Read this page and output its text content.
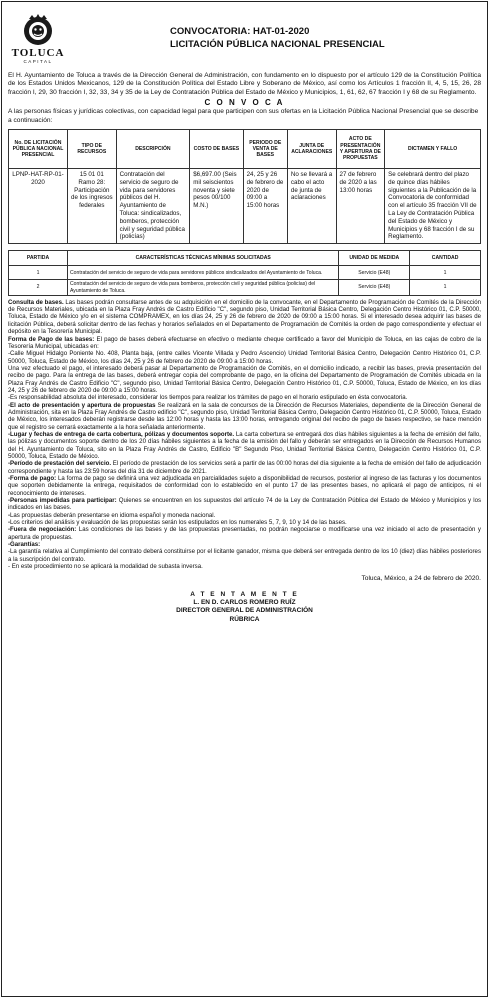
TOLUCA
CAPITAL
CONVOCATORIA: HAT-01-2020
LICITACIÓN PÚBLICA NACIONAL PRESENCIAL

El H. Ayuntamiento de Toluca a través de la Dirección General de Administración, con fundamento en lo dispuesto por el artículo 129 de la Constitución Política de los Estados Unidos Mexicanos, 129 de la Constitución Política del Estado Libre y Soberano de México, así como los Artículos 1 fracción II, 4, 5, 15, 26, 28 fracción I, 29, 30 fracción I, 32, 33, 34 y 35 de la Ley de Contratación Pública del Estado de México y Municipios, 1, 61, 62, 67 fracción I y 68 de su Reglamento.

C O N V O C A

A las personas físicas y jurídicas colectivas, con capacidad legal para que participen con sus ofertas en la Licitación Pública Nacional Presencial que se describe a continuación:

No. DE LICITACIÓN PÚBLICA NACIONAL PRESENCIAL	TIPO DE RECURSOS	DESCRIPCIÓN	COSTO DE BASES	PERIODO DE VENTA DE BASES	JUNTA DE ACLARACIONES	ACTO DE PRESENTACIÓN Y APERTURA DE PROPUESTAS	DICTAMEN Y FALLO
LPNP-HAT-RP-01-2020	15 01 01 Ramo 28: Participación de los ingresos federales	Contratación del servicio de seguro de vida para servidores públicos del H. Ayuntamiento de Toluca: sindicalizados, bomberos, protección civil y seguridad pública (policías)	$6,697.00 (Seis mil seiscientos noventa y siete pesos 00/100 M.N.)	24, 25 y 26 de febrero de 2020 de 09:00 a 15:00 horas	No se llevará a cabo el acto de junta de aclaraciones	27 de febrero de 2020 a las 13:00 horas	Se celebrará dentro del plazo de quince días hábiles siguientes a la Publicación de la Convocatoria de conformidad con el artículo 35 fracción VII de La Ley de Contratación Pública del Estado de México y Municipios y 68 fracción I de su Reglamento.
PARTIDA	CARACTERÍSTICAS TÉCNICAS MÍNIMAS SOLICITADAS	UNIDAD DE MEDIDA	CANTIDAD
1	Contratación del servicio de seguro de vida para servidores públicos sindicalizados del Ayuntamiento de Toluca.	Servicio (E48)	1
2	Contratación del servicio de seguro de vida para bomberos, protección civil y seguridad pública (policías) del Ayuntamiento de Toluca.	Servicio (E48)	1

Consulta de bases. Las bases podrán consultarse antes de su adquisición en el domicilio de la convocante, en el Departamento de Programación de Comités de la Dirección de Recursos Materiales, ubicada en la Plaza Fray Andrés de Castro Edificio "C", segundo piso, Unidad Territorial Básica Centro, Delegación Centro Histórico 01, C.P. 50000, Toluca, Estado de México y/o en el sistema COMPRAMEX, en los días 24, 25 y 26 de febrero de 2020 de 09:00 a 15:00 horas. Si el interesado desea adquirir las bases de licitación Pública, deberá solicitar dentro de las fechas y horarios señalados en el Departamento de Programación de Comités la orden de pago correspondiente y efectuar el depósito en la Tesorería Municipal.

Forma de Pago de las bases: El pago de bases deberá efectuarse en efectivo o mediante cheque certificado a favor del Municipio de Toluca, en las cajas de cobro de la Tesorería Municipal, ubicadas en:

-Calle Miguel Hidalgo Poniente No. 408, Planta baja, (entre calles Vicente Villada y Pedro Ascencio) Unidad Territorial Básica Centro, Delegación Centro Histórico 01, C.P. 50000, Toluca, Estado de México, los días 24, 25 y 26 de febrero de 2020 de 09:00 a 15:00 horas.

Una vez efectuado el pago, el interesado deberá pasar al Departamento de Programación de Comités, en el domicilio indicado, a recibir las bases, previa presentación del recibo de pago. Para la entrega de las bases, deberá entregar copia del comprobante de pago, en la oficina del Departamento de Programación de Comités ubicada en la Plaza Fray Andrés de Castro Edificio "C", segundo piso, Unidad Territorial Básica Centro, Delegación Centro Histórico 01, C.P. 50000, Toluca, Estado de México, en los días 24, 25 y 26 de febrero de 2020 de 09:00 a 15:00 horas.

-Es responsabilidad absoluta del interesado, considerar los tiempos para realizar los trámites de pago en el horario estipulado en ésta convocatoria.

-El acto de presentación y apertura de propuestas Se realizará en la sala de concursos de la Dirección de Recursos Materiales, dependiente de la Dirección General de Administración, sita en la Plaza Fray Andrés de Castro edificio "C", segundo piso, Unidad Territorial Básica Centro, Delegación Centro Histórico 01, C.P. 50000, Toluca, Estado de México, los interesados deberán registrarse desde las 12:00 horas y hasta las 13:00 horas, entregando original del recibo de pago de bases respectivo, se hace mención que el registro se cerrará exactamente a la hora señalada anteriormente.

-Lugar y fechas de entrega de carta cobertura, pólizas y documentos soporte. La carta cobertura se entregará dos días hábiles siguientes a la fecha de emisión del fallo, las pólizas y documentos soporte dentro de los 20 días hábiles siguientes a la fecha de la emisión del fallo y deberán ser entregados en la Dirección de Recursos Humanos del H. Ayuntamiento de Toluca, sito en la Plaza Fray Andrés de Castro, Edificio "B" Segundo Piso, Unidad Territorial Básica Centro, Delegación Centro Histórico 01, C.P. 50000, Toluca, Estado de México.

-Período de prestación del servicio. El período de prestación de los servicios será a partir de las 00:00 horas del día siguiente a la fecha de emisión del fallo de adjudicación correspondiente y hasta las 23:59 horas del día 31 de diciembre de 2021.

-Forma de pago: La forma de pago se definirá una vez adjudicada en parcialidades sujeto a disponibilidad de recursos, posterior al ingreso de las facturas y los documentos que soporten debidamente la entrega, requisitados de conformidad con lo establecido en el punto 17 de las presentes bases, no aplicará el pago de anticipos, ni el reconocimiento de intereses.

-Personas impedidas para participar: Quienes se encuentren en los supuestos del artículo 74 de la Ley de Contratación Pública del Estado de México y Municipios y los indicados en las bases.

-Las propuestas deberán presentarse en idioma español y moneda nacional.

-Los criterios del análisis y evaluación de las propuestas serán los estipulados en los numerales 5, 7, 9, 10 y 14 de las bases.

-Fuera de negociación: Las condiciones de las bases y de las propuestas presentadas, no podrán negociarse o modificarse una vez iniciado el acto de presentación y apertura de propuestas.

-Garantías:

-La garantía relativa al Cumplimiento del contrato deberá constituirse por el licitante ganador, misma que deberá ser entregada dentro de los 10 (diez) días hábiles posteriores a la suscripción del contrato.

- En este procedimiento no se aplicará la modalidad de subasta inversa.

Toluca, México, a 24 de febrero de 2020.
A T E N T A M E N T E
L. EN D. CARLOS ROMERO RUÍZ
DIRECTOR GENERAL DE ADMINISTRACIÓN
RÚBRICA
